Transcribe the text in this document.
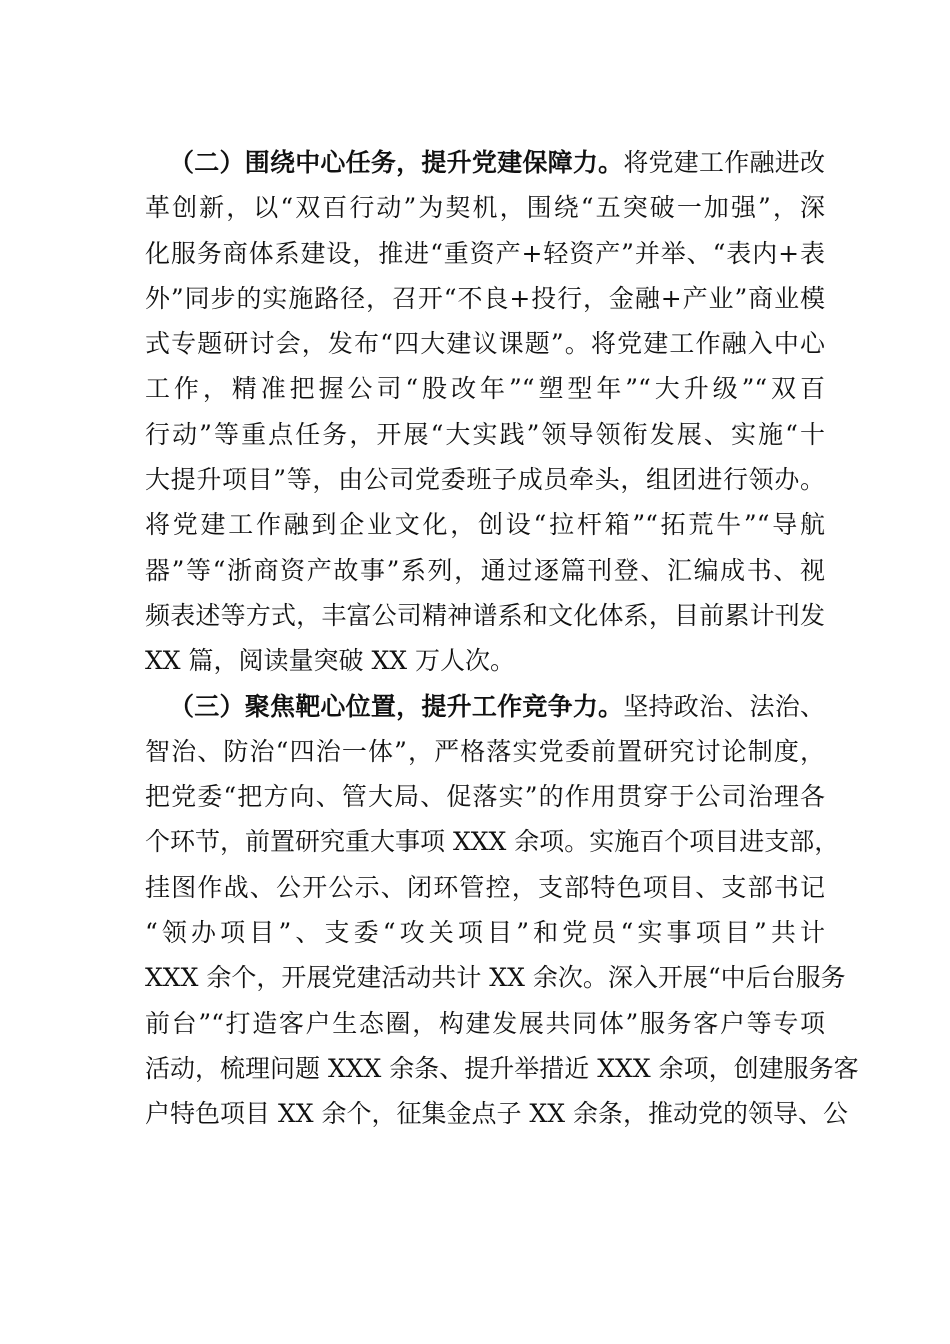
（二）围绕中心任务，提升党建保障力。将党建工作融进改
革创新，以“双百行动”为契机，围绕“五突破一加强”，深
化服务商体系建设，推进“重资产+轻资产”并举、“表内+表
外”同步的实施路径，召开“不良+投行，金融+产业”商业模
式专题研讨会，发布“四大建议课题”。将党建工作融入中心
工作，精准把握公司“股改年”“塑型年”“大升级”“双百
行动”等重点任务，开展“大实践”领导领衔发展、实施“十
大提升项目”等，由公司党委班子成员牵头，组团进行领办。
将党建工作融到企业文化，创设“拉杆箱”“拓荒牛”“导航
器”等“浙商资产故事”系列，通过逐篇刊登、汇编成书、视
频表述等方式，丰富公司精神谱系和文化体系，目前累计刊发
XX 篇，阅读量突破 XX 万人次。
（三）聚焦靶心位置，提升工作竞争力。坚持政治、法治、
智治、防治“四治一体”，严格落实党委前置研究讨论制度，
把党委“把方向、管大局、促落实”的作用贯穿于公司治理各
个环节，前置研究重大事项 XXX 余项。实施百个项目进支部，
挂图作战、公开公示、闭环管控，支部特色项目、支部书记
“领办项目”、支委“攻关项目”和党员“实事项目”共计
XXX 余个，开展党建活动共计 XX 余次。深入开展“中后台服务
前台”“打造客户生态圈，构建发展共同体”服务客户等专项
活动，梳理问题 XXX 余条、提升举措近 XXX 余项，创建服务客
户特色项目 XX 余个，征集金点子 XX 余条，推动党的领导、公
